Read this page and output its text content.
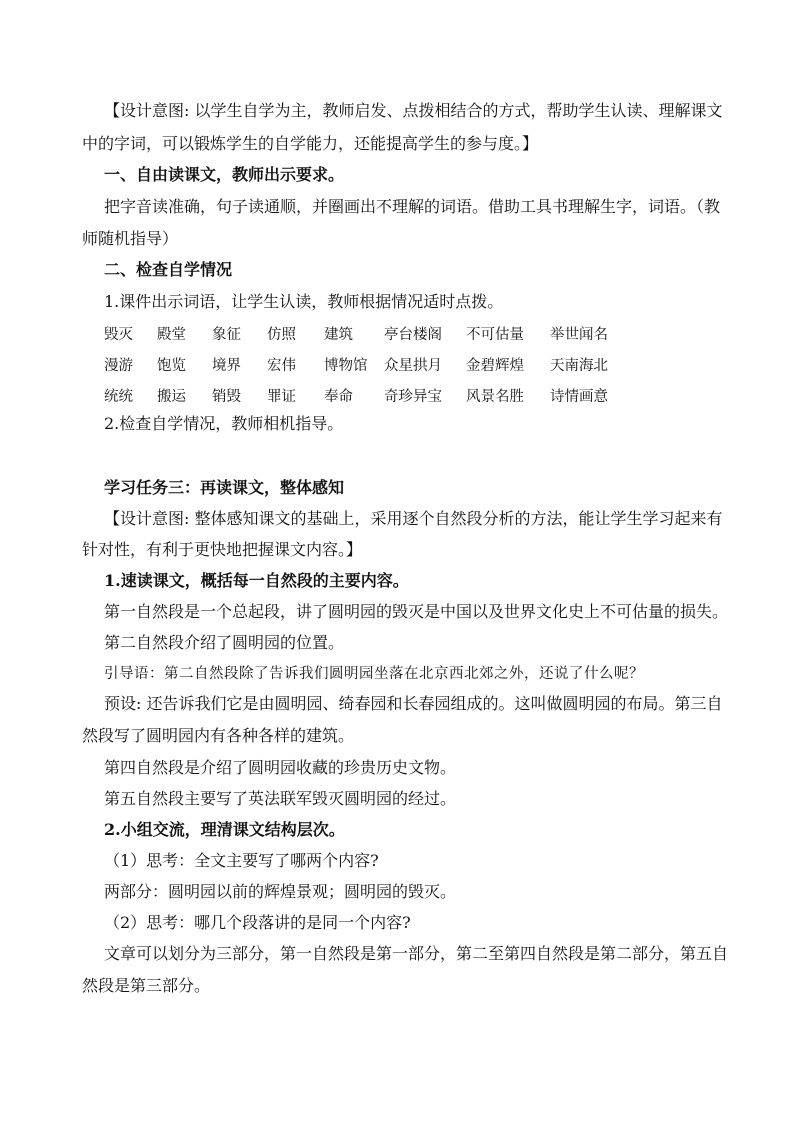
【设计意图: 以学生自学为主，教师启发、点拨相结合的方式，帮助学生认读、理解课文
中的字词，可以锻炼学生的自学能力，还能提高学生的参与度。】
一、自由读课文，教师出示要求。
把字音读准确，句子读通顺，并圈画出不理解的词语。借助工具书理解生字，词语。（教
师随机指导）
二、检查自学情况
1.课件出示词语，让学生认读，教师根据情况适时点拨。
毁灭 殿堂 象征 仿照 建筑 亭台楼阁 不可估量 举世闻名
漫游 饱览 境界 宏伟 博物馆 众星拱月 金碧辉煌 天南海北
统统 搬运 销毁 罪证 奉命 奇珍异宝 风景名胜 诗情画意
2.检查自学情况，教师相机指导。
学习任务三：再读课文，整体感知
【设计意图: 整体感知课文的基础上，采用逐个自然段分析的方法，能让学生学习起来有
针对性，有利于更快地把握课文内容。】
1.速读课文，概括每一自然段的主要内容。
第一自然段是一个总起段，讲了圆明园的毁灭是中国以及世界文化史上不可估量的损失。
第二自然段介绍了圆明园的位置。
引导语：第二自然段除了告诉我们圆明园坐落在北京西北郊之外，还说了什么呢？
预设: 还告诉我们它是由圆明园、绮春园和长春园组成的。这叫做圆明园的布局。第三自
然段写了圆明园内有各种各样的建筑。
第四自然段是介绍了圆明园收藏的珍贵历史文物。
第五自然段主要写了英法联军毁灭圆明园的经过。
2.小组交流，理清课文结构层次。
（1）思考：全文主要写了哪两个内容?
两部分：圆明园以前的辉煌景观；圆明园的毁灭。
（2）思考：哪几个段落讲的是同一个内容?
文章可以划分为三部分，第一自然段是第一部分，第二至第四自然段是第二部分，第五自
然段是第三部分。
